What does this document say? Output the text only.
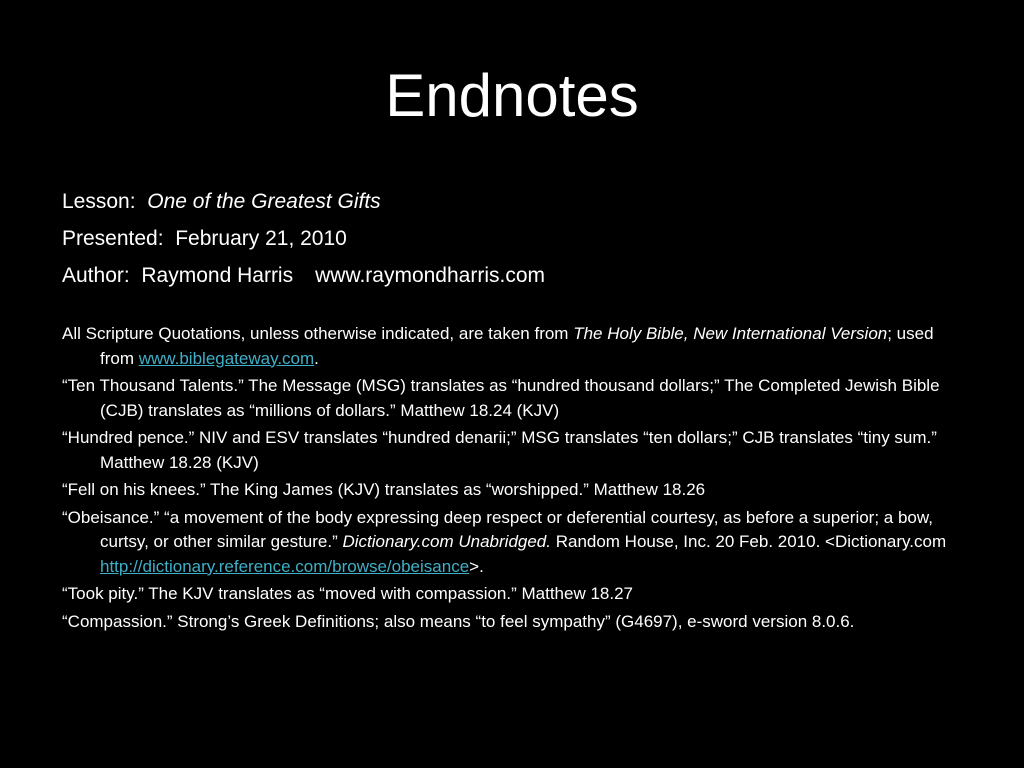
Endnotes
Lesson:  One of the Greatest Gifts
Presented:  February 21, 2010
Author:  Raymond Harris www.raymondharris.com

All Scripture Quotations, unless otherwise indicated, are taken from The Holy Bible, New International Version; used from www.biblegateway.com.

“Ten Thousand Talents.” The Message (MSG) translates as “hundred thousand dollars;” The Completed Jewish Bible (CJB) translates as “millions of dollars.” Matthew 18.24 (KJV)

“Hundred pence.” NIV and ESV translates “hundred denarii;” MSG translates “ten dollars;” CJB translates “tiny sum.” Matthew 18.28 (KJV)

“Fell on his knees.” The King James (KJV) translates as “worshipped.” Matthew 18.26

“Obeisance.” “a movement of the body expressing deep respect or deferential courtesy, as before a superior; a bow, curtsy, or other similar gesture.” Dictionary.com Unabridged. Random House, Inc. 20 Feb. 2010. <Dictionary.com http://dictionary.reference.com/browse/obeisance>.

“Took pity.” The KJV translates as “moved with compassion.” Matthew 18.27

“Compassion.” Strong’s Greek Definitions; also means “to feel sympathy” (G4697), e-sword version 8.0.6.
